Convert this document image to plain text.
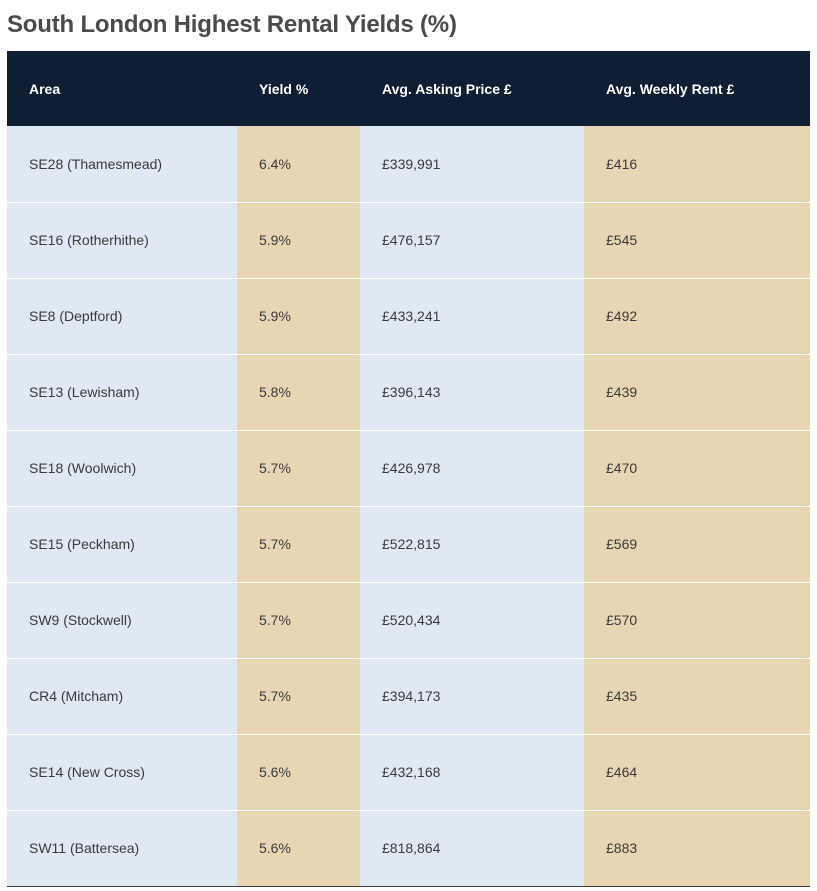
South London Highest Rental Yields (%)
Area	Yield %	Avg. Asking Price £	Avg. Weekly Rent £
SE28 (Thamesmead)	6.4%	£339,991	£416
SE16 (Rotherhithe)	5.9%	£476,157	£545
SE8 (Deptford)	5.9%	£433,241	£492
SE13 (Lewisham)	5.8%	£396,143	£439
SE18 (Woolwich)	5.7%	£426,978	£470
SE15 (Peckham)	5.7%	£522,815	£569
SW9 (Stockwell)	5.7%	£520,434	£570
CR4 (Mitcham)	5.7%	£394,173	£435
SE14 (New Cross)	5.6%	£432,168	£464
SW11 (Battersea)	5.6%	£818,864	£883
